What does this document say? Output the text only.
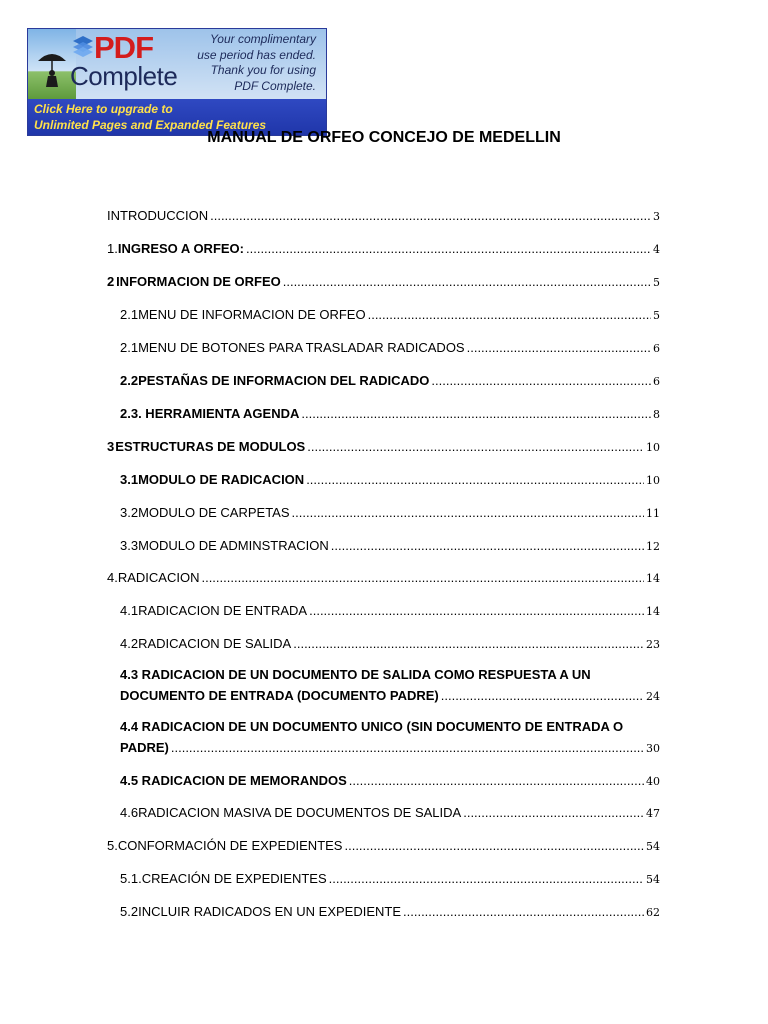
PDF
Complete
Your complimentary
use period has ended.
Thank you for using
PDF Complete.
Click Here to upgrade to
Unlimited Pages and Expanded Features
MANUAL DE ORFEO CONCEJO DE MEDELLIN
INTRODUCCION .....	3
1. INGRESO A ORFEO: .....	4
2 INFORMACION DE ORFEO .....	5
2.1 MENU DE INFORMACION DE ORFEO .....	5
2.1 MENU DE BOTONES PARA TRASLADAR RADICADOS .....	6
2.2 PESTAÑAS DE INFORMACION DEL RADICADO .....	6
2.3 . HERRAMIENTA AGENDA .....	8
3 ESTRUCTURAS DE MODULOS .....	10
3.1 MODULO DE RADICACION .....	10
3.2 MODULO DE CARPETAS .....	11
3.3 MODULO DE ADMINSTRACION .....	12
4. RADICACION .....	14
4.1 RADICACION DE ENTRADA .....	14
4.2 RADICACION DE SALIDA .....	23
4.3 RADICACION DE UN DOCUMENTO DE SALIDA COMO RESPUESTA A UN
DOCUMENTO DE ENTRADA (DOCUMENTO PADRE) .....	24
4.4 RADICACION DE UN DOCUMENTO UNICO (SIN DOCUMENTO DE ENTRADA O
PADRE) .....	30
4.5 RADICACION DE MEMORANDOS .....	40
4.6 RADICACION MASIVA DE DOCUMENTOS DE SALIDA .....	47
5. CONFORMACIÓN DE EXPEDIENTES .....	54
5.1. CREACIÓN DE EXPEDIENTES .....	54
5.2 INCLUIR RADICADOS EN UN EXPEDIENTE .....	62
